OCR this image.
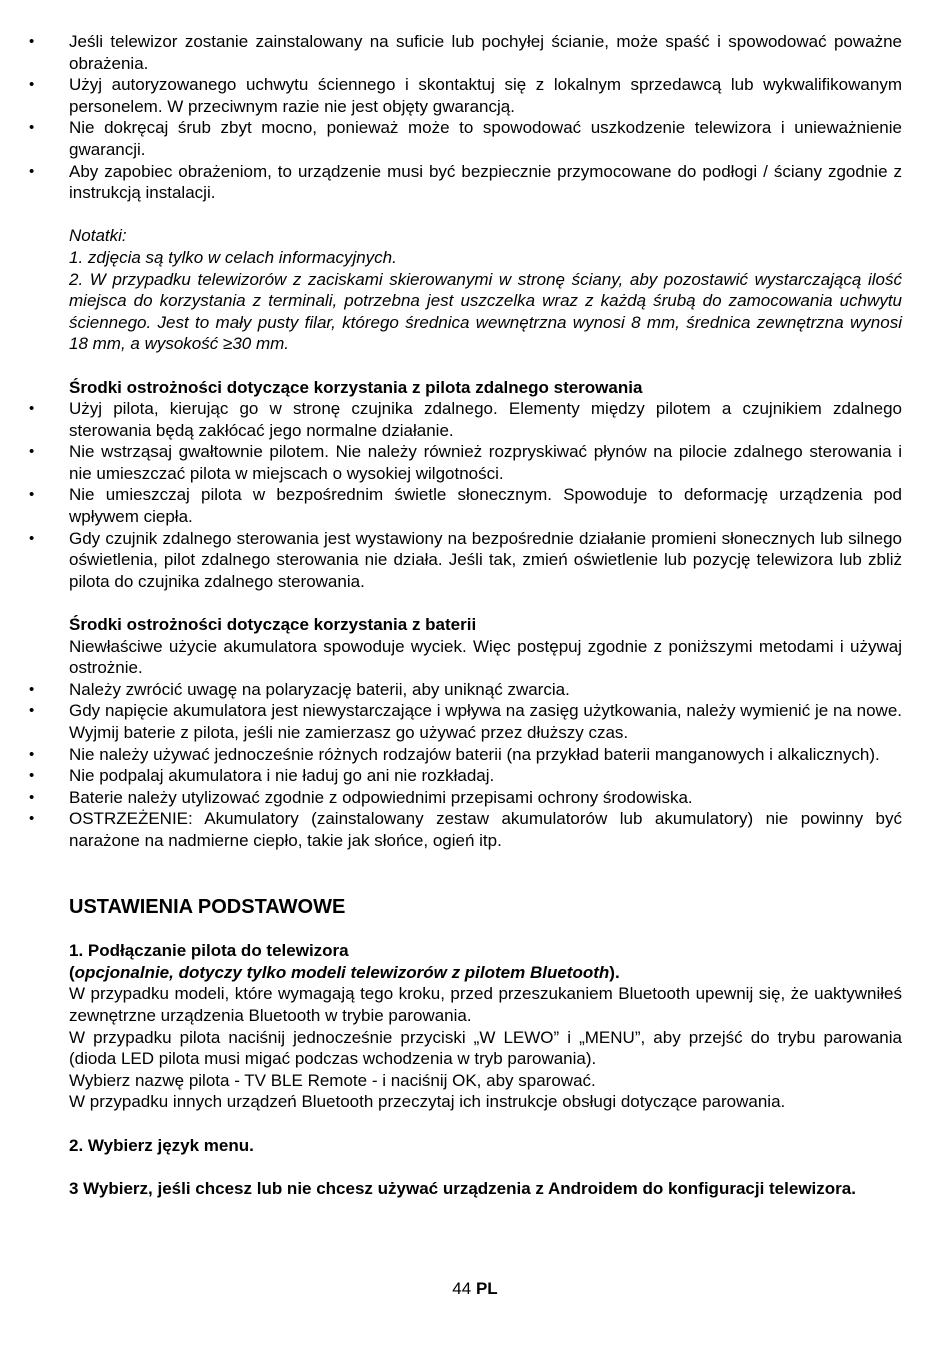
• Jeśli telewizor zostanie zainstalowany na suficie lub pochyłej ścianie, może spaść i spowodować poważne obrażenia.
• Użyj autoryzowanego uchwytu ściennego i skontaktuj się z lokalnym sprzedawcą lub wykwalifikowanym personelem. W przeciwnym razie nie jest objęty gwarancją.
• Nie dokręcaj śrub zbyt mocno, ponieważ może to spowodować uszkodzenie telewizora i unieważnienie gwarancji.
• Aby zapobiec obrażeniom, to urządzenie musi być bezpiecznie przymocowane do podłogi / ściany zgodnie z instrukcją instalacji.

Notatki:

1. zdjęcia są tylko w celach informacyjnych.

2. W przypadku telewizorów z zaciskami skierowanymi w stronę ściany, aby pozostawić wystarczającą ilość miejsca do korzystania z terminali, potrzebna jest uszczelka wraz z każdą śrubą do zamocowania uchwytu ściennego. Jest to mały pusty filar, którego średnica wewnętrzna wynosi 8 mm, średnica zewnętrzna wynosi 18 mm, a wysokość ≥30 mm.

Środki ostrożności dotyczące korzystania z pilota zdalnego sterowania

• Użyj pilota, kierując go w stronę czujnika zdalnego. Elementy między pilotem a czujnikiem zdalnego sterowania będą zakłócać jego normalne działanie.
• Nie wstrząsaj gwałtownie pilotem. Nie należy również rozpryskiwać płynów na pilocie zdalnego sterowania i nie umieszczać pilota w miejscach o wysokiej wilgotności.
• Nie umieszczaj pilota w bezpośrednim świetle słonecznym. Spowoduje to deformację urządzenia pod wpływem ciepła.
• Gdy czujnik zdalnego sterowania jest wystawiony na bezpośrednie działanie promieni słonecznych lub silnego oświetlenia, pilot zdalnego sterowania nie działa. Jeśli tak, zmień oświetlenie lub pozycję telewizora lub zbliż pilota do czujnika zdalnego sterowania.

Środki ostrożności dotyczące korzystania z baterii

Niewłaściwe użycie akumulatora spowoduje wyciek. Więc postępuj zgodnie z poniższymi metodami i używaj ostrożnie.

• Należy zwrócić uwagę na polaryzację baterii, aby uniknąć zwarcia.
• Gdy napięcie akumulatora jest niewystarczające i wpływa na zasięg użytkowania, należy wymienić je na nowe. Wyjmij baterie z pilota, jeśli nie zamierzasz go używać przez dłuższy czas.
• Nie należy używać jednocześnie różnych rodzajów baterii (na przykład baterii manganowych i alkalicznych).
• Nie podpalaj akumulatora i nie ładuj go ani nie rozkładaj.
• Baterie należy utylizować zgodnie z odpowiednimi przepisami ochrony środowiska.
• OSTRZEŻENIE: Akumulatory (zainstalowany zestaw akumulatorów lub akumulatory) nie powinny być narażone na nadmierne ciepło, takie jak słońce, ogień itp.

USTAWIENIA PODSTAWOWE

1. Podłączanie pilota do telewizora

(opcjonalnie, dotyczy tylko modeli telewizorów z pilotem Bluetooth).

W przypadku modeli, które wymagają tego kroku, przed przeszukaniem Bluetooth upewnij się, że uaktywniłeś zewnętrzne urządzenia Bluetooth w trybie parowania.

W przypadku pilota naciśnij jednocześnie przyciski „W LEWO” i „MENU”, aby przejść do trybu parowania (dioda LED pilota musi migać podczas wchodzenia w tryb parowania).

Wybierz nazwę pilota - TV BLE Remote - i naciśnij OK, aby sparować.

W przypadku innych urządzeń Bluetooth przeczytaj ich instrukcje obsługi dotyczące parowania.

2. Wybierz język menu.

3 Wybierz, jeśli chcesz lub nie chcesz używać urządzenia z Androidem do konfiguracji telewizora.

44 PL
